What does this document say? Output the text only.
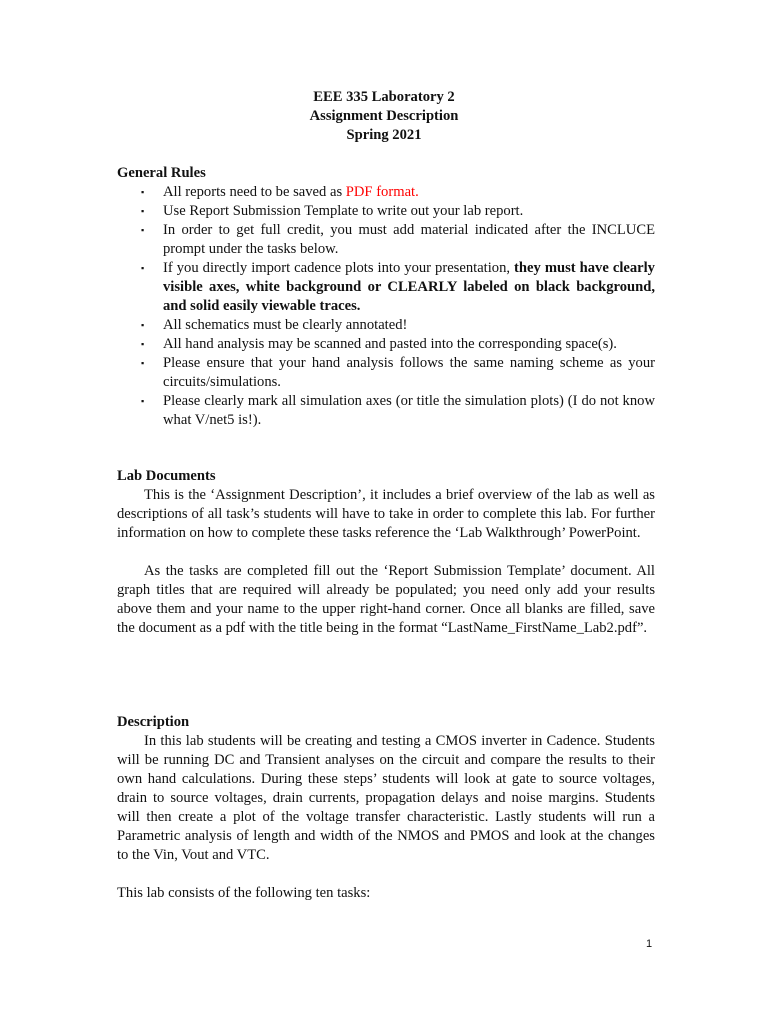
EEE 335 Laboratory 2
Assignment Description
Spring 2021
General Rules
▪ All reports need to be saved as PDF format.
▪ Use Report Submission Template to write out your lab report.
▪ In order to get full credit, you must add material indicated after the INCLUCE prompt under the tasks below.
▪ If you directly import cadence plots into your presentation, they must have clearly visible axes, white background or CLEARLY labeled on black background, and solid easily viewable traces.
▪ All schematics must be clearly annotated!
▪ All hand analysis may be scanned and pasted into the corresponding space(s).
▪ Please ensure that your hand analysis follows the same naming scheme as your circuits/simulations.
▪ Please clearly mark all simulation axes (or title the simulation plots) (I do not know what V/net5 is!).
Lab Documents

This is the ‘Assignment Description’, it includes a brief overview of the lab as well as descriptions of all task’s students will have to take in order to complete this lab. For further information on how to complete these tasks reference the ‘Lab Walkthrough’ PowerPoint.

As the tasks are completed fill out the ‘Report Submission Template’ document. All graph titles that are required will already be populated; you need only add your results above them and your name to the upper right-hand corner. Once all blanks are filled, save the document as a pdf with the title being in the format “LastName_FirstName_Lab2.pdf”.

Description

In this lab students will be creating and testing a CMOS inverter in Cadence. Students will be running DC and Transient analyses on the circuit and compare the results to their own hand calculations. During these steps’ students will look at gate to source voltages, drain to source voltages, drain currents, propagation delays and noise margins. Students will then create a plot of the voltage transfer characteristic. Lastly students will run a Parametric analysis of length and width of the NMOS and PMOS and look at the changes to the Vin, Vout and VTC.

This lab consists of the following ten tasks:

1
